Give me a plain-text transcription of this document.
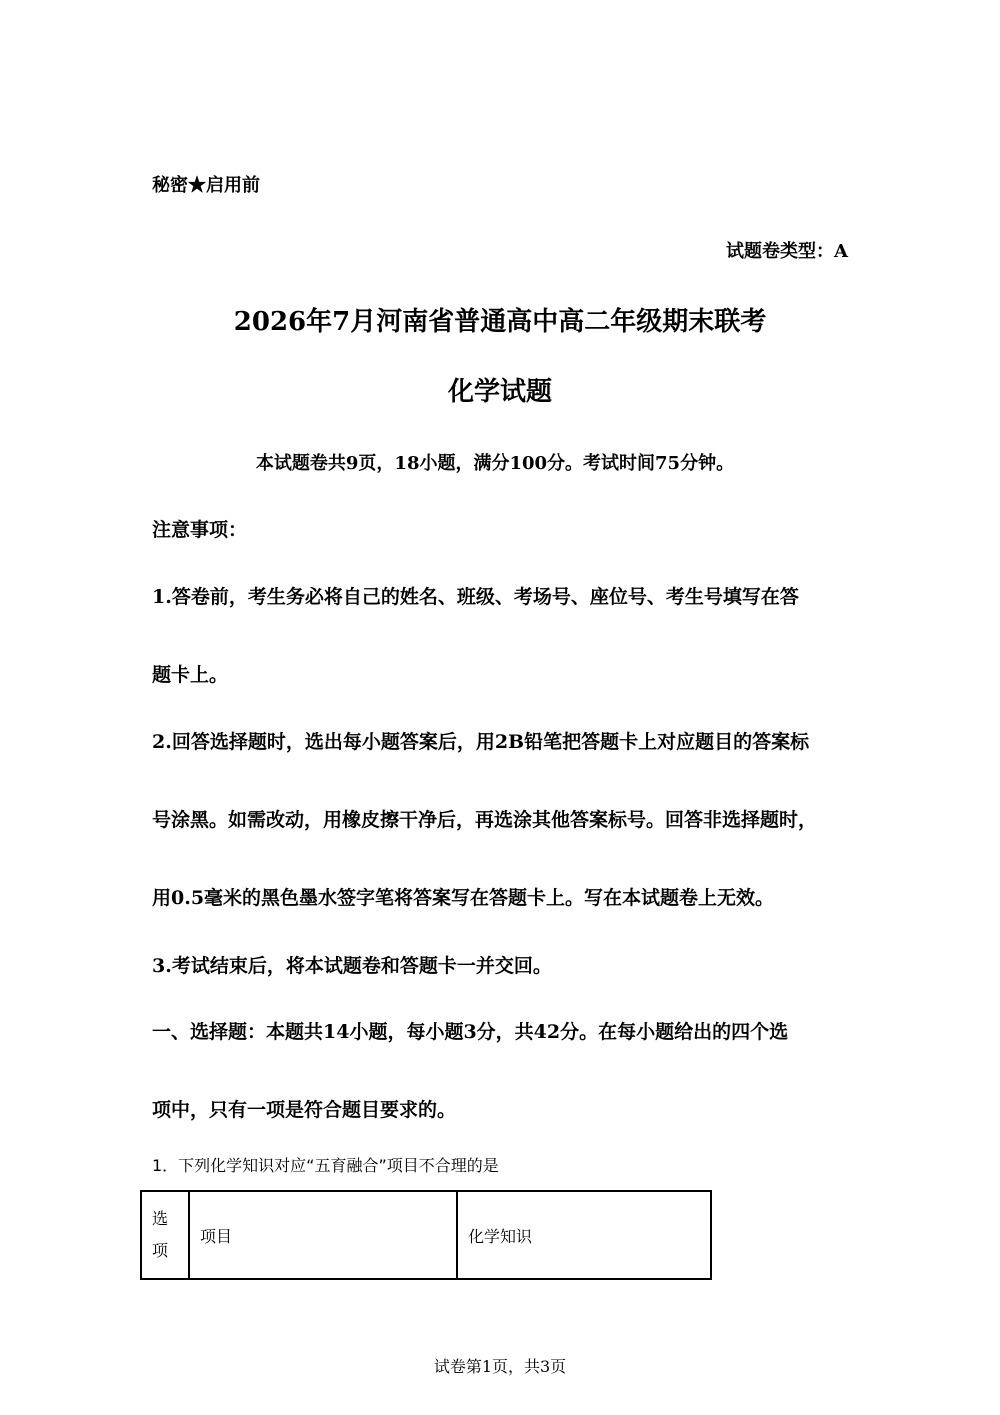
秘密★启用前
试题卷类型：A
2026年7月河南省普通高中高二年级期末联考
化学试题
本试题卷共9页，18小题，满分100分。考试时间75分钟。
注意事项：
1.答卷前，考生务必将自己的姓名、班级、考场号、座位号、考生号填写在答
题卡上。
2.回答选择题时，选出每小题答案后，用2B铅笔把答题卡上对应题目的答案标
号涂黑。如需改动，用橡皮擦干净后，再选涂其他答案标号。回答非选择题时，
用0.5毫米的黑色墨水签字笔将答案写在答题卡上。写在本试题卷上无效。
3.考试结束后，将本试题卷和答题卡一并交回。
一、选择题：本题共14小题，每小题3分，共42分。在每小题给出的四个选
项中，只有一项是符合题目要求的。
1．下列化学知识对应“五育融合”项目不合理的是
选
项
	项目	化学知识
试卷第1页，共3页
